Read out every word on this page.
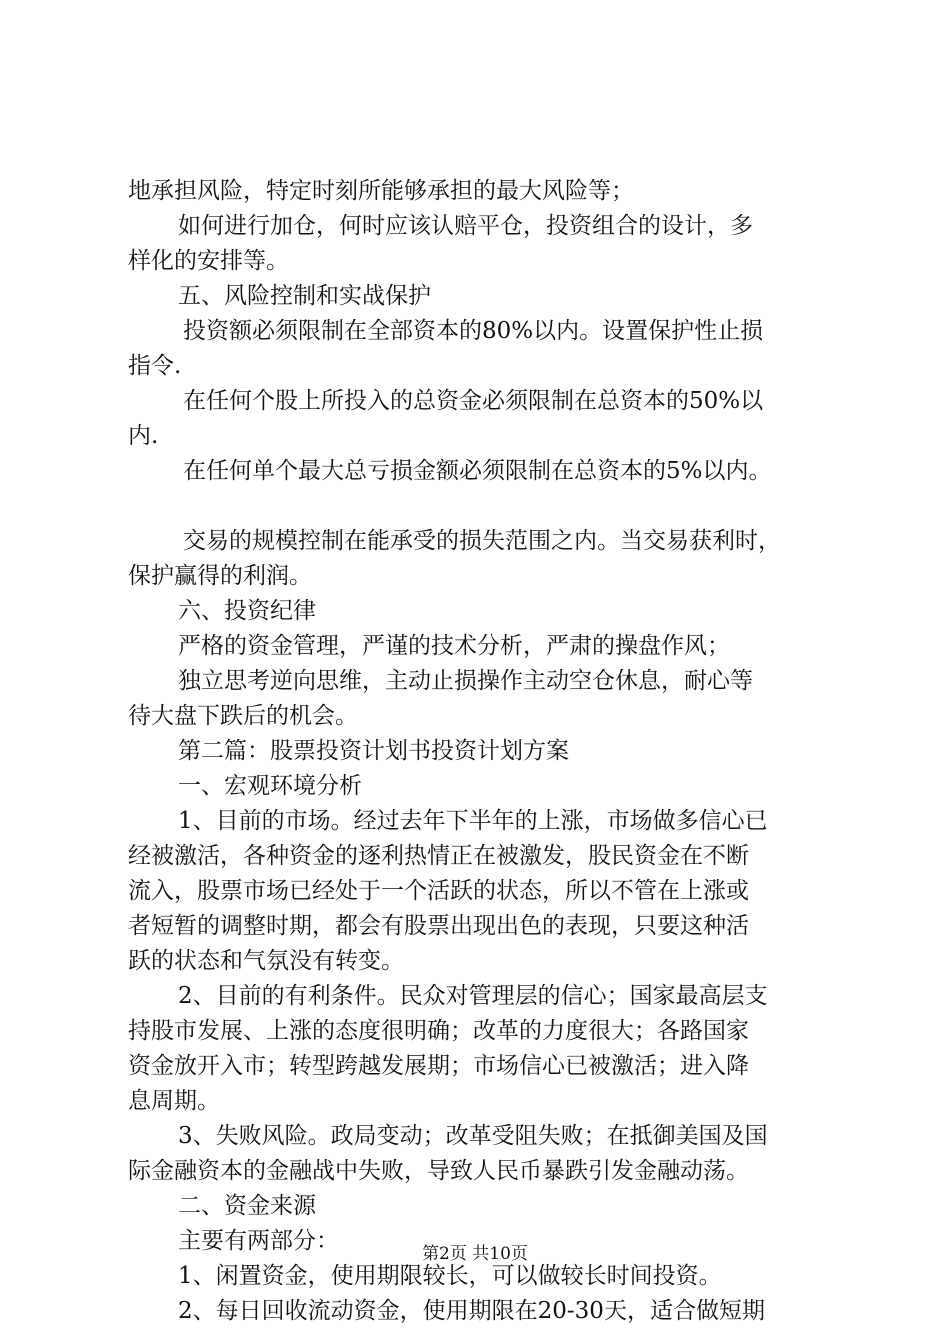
地承担风险，特定时刻所能够承担的最大风险等；
如何进行加仓，何时应该认赔平仓，投资组合的设计，多
样化的安排等。
五、风险控制和实战保护
投资额必须限制在全部资本的80%以内。设置保护性止损
指令.
在任何个股上所投入的总资金必须限制在总资本的50%以
内.
在任何单个最大总亏损金额必须限制在总资本的5%以内。
交易的规模控制在能承受的损失范围之内。当交易获利时，
保护赢得的利润。
六、投资纪律
严格的资金管理，严谨的技术分析，严肃的操盘作风；
独立思考逆向思维，主动止损操作主动空仓休息，耐心等
待大盘下跌后的机会。
第二篇：股票投资计划书投资计划方案
一、宏观环境分析
1、目前的市场。经过去年下半年的上涨，市场做多信心已
经被激活，各种资金的逐利热情正在被激发，股民资金在不断
流入，股票市场已经处于一个活跃的状态，所以不管在上涨或
者短暂的调整时期，都会有股票出现出色的表现，只要这种活
跃的状态和气氛没有转变。
2、目前的有利条件。民众对管理层的信心；国家最高层支
持股市发展、上涨的态度很明确；改革的力度很大；各路国家
资金放开入市；转型跨越发展期；市场信心已被激活；进入降
息周期。
3、失败风险。政局变动；改革受阻失败；在抵御美国及国
际金融资本的金融战中失败，导致人民币暴跌引发金融动荡。
二、资金来源
主要有两部分：
1、闲置资金，使用期限较长，可以做较长时间投资。
2、每日回收流动资金，使用期限在20-30天，适合做短期
第2页 共10页
